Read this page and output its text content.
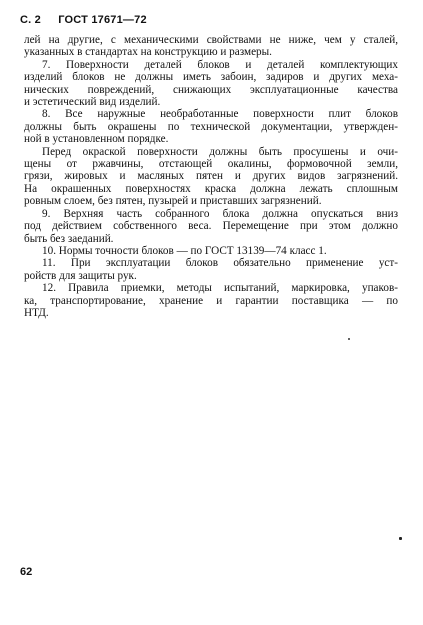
С. 2 ГОСТ 17671—72
лей на другие, с механическими свойствами не ниже, чем у сталей,
указанных в стандартах на конструкцию и размеры.
7. Поверхности деталей блоков и деталей комплектующих
изделий блоков не должны иметь забоин, задиров и других меха-
нических повреждений, снижающих эксплуатационные качества
и эстетический вид изделий.
8. Все наружные необработанные поверхности плит блоков
должны быть окрашены по технической документации, утвержден-
ной в установленном порядке.
Перед окраской поверхности должны быть просушены и очи-
щены от ржавчины, отстающей окалины, формовочной земли,
грязи, жировых и масляных пятен и других видов загрязнений.
На окрашенных поверхностях краска должна лежать сплошным
ровным слоем, без пятен, пузырей и приставших загрязнений.
9. Верхняя часть собранного блока должна опускаться вниз
под действием собственного веса. Перемещение при этом должно
быть без заеданий.
10. Нормы точности блоков — по ГОСТ 13139—74 класс 1.
11. При эксплуатации блоков обязательно применение уст-
ройств для защиты рук.
12. Правила приемки, методы испытаний, маркировка, упаков-
ка, транспортирование, хранение и гарантии поставщика — по
НТД.
62
